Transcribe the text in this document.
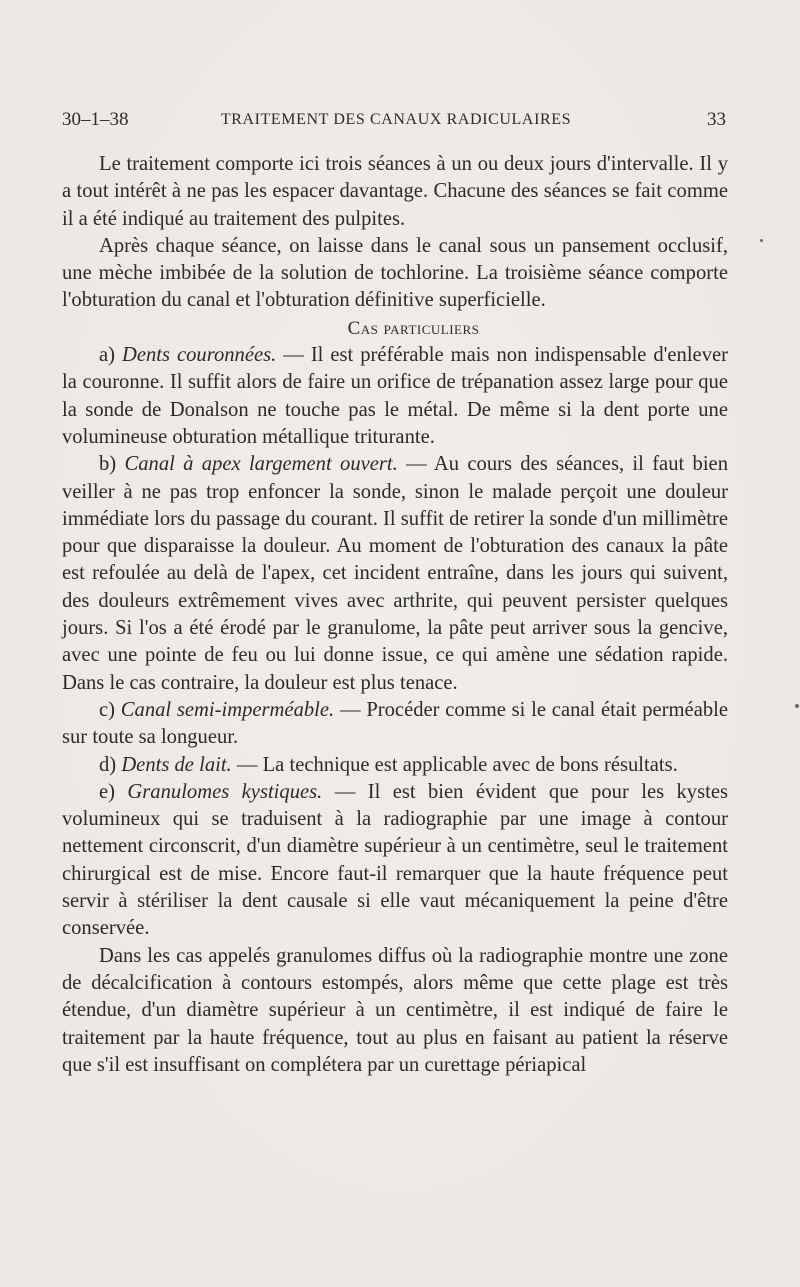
30–1–38	TRAITEMENT DES CANAUX RADICULAIRES	33

Le traitement comporte ici trois séances à un ou deux jours d'intervalle. Il y a tout intérêt à ne pas les espacer davantage. Chacune des séances se fait comme il a été indiqué au traitement des pulpites.

Après chaque séance, on laisse dans le canal sous un pansement occlusif, une mèche imbibée de la solution de tochlorine. La troisième séance comporte l'obturation du canal et l'obturation définitive superficielle.

Cas particuliers

a) Dents couronnées. — Il est préférable mais non indispensable d'enlever la couronne. Il suffit alors de faire un orifice de trépanation assez large pour que la sonde de Donalson ne touche pas le métal. De même si la dent porte une volumineuse obturation métallique triturante.

b) Canal à apex largement ouvert. — Au cours des séances, il faut bien veiller à ne pas trop enfoncer la sonde, sinon le malade perçoit une douleur immédiate lors du passage du courant. Il suffit de retirer la sonde d'un millimètre pour que disparaisse la douleur. Au moment de l'obturation des canaux la pâte est refoulée au delà de l'apex, cet incident entraîne, dans les jours qui suivent, des douleurs extrêmement vives avec arthrite, qui peuvent persister quelques jours. Si l'os a été érodé par le granulome, la pâte peut arriver sous la gencive, avec une pointe de feu ou lui donne issue, ce qui amène une sédation rapide. Dans le cas contraire, la douleur est plus tenace.

c) Canal semi-imperméable. — Procéder comme si le canal était perméable sur toute sa longueur.

d) Dents de lait. — La technique est applicable avec de bons résultats.

e) Granulomes kystiques. — Il est bien évident que pour les kystes volumineux qui se traduisent à la radiographie par une image à contour nettement circonscrit, d'un diamètre supérieur à un centimètre, seul le traitement chirurgical est de mise. Encore faut-il remarquer que la haute fréquence peut servir à stériliser la dent causale si elle vaut mécaniquement la peine d'être conservée.

Dans les cas appelés granulomes diffus où la radiographie montre une zone de décalcification à contours estompés, alors même que cette plage est très étendue, d'un diamètre supérieur à un centimètre, il est indiqué de faire le traitement par la haute fréquence, tout au plus en faisant au patient la réserve que s'il est insuffisant on complétera par un curettage périapical
